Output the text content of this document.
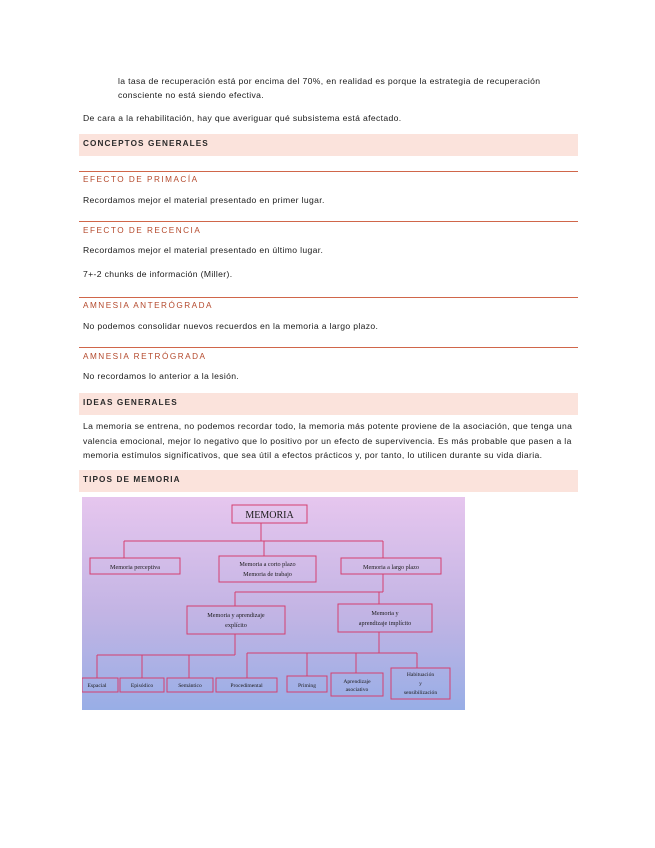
la tasa de recuperación está por encima del 70%, en realidad es porque la estrategia de recuperación

consciente no está siendo efectiva.

De cara a la rehabilitación, hay que averiguar qué subsistema está afectado.

CONCEPTOS GENERALES
EFECTO DE PRIMACÍA

Recordamos mejor el material presentado en primer lugar.

EFECTO DE RECENCIA

Recordamos mejor el material presentado en último lugar.

7+-2 chunks de información (Miller).

AMNESIA ANTERÓGRADA

No podemos consolidar nuevos recuerdos en la memoria a largo plazo.

AMNESIA RETRÓGRADA

No recordamos lo anterior a la lesión.

IDEAS GENERALES

La memoria se entrena, no podemos recordar todo, la memoria más potente proviene de la asociación, que tenga una

valencia emocional, mejor lo negativo que lo positivo por un efecto de supervivencia. Es más probable que pasen a la

memoria estímulos significativos, que sea útil a efectos prácticos y, por tanto, lo utilicen durante su vida diaria.

TIPOS DE MEMORIA
MEMORIA
Memoria perceptiva	Memoria a corto plazo
Memoria de trabajo
Memoria a largo plazo
Memoria y aprendizaje
explícito
Memoria y
aprendizaje implícito
Espacial	Episódico	Semántico	Procedimental	Priming
Aprendizaje
asociativo
Habituación
y
sensibilización
